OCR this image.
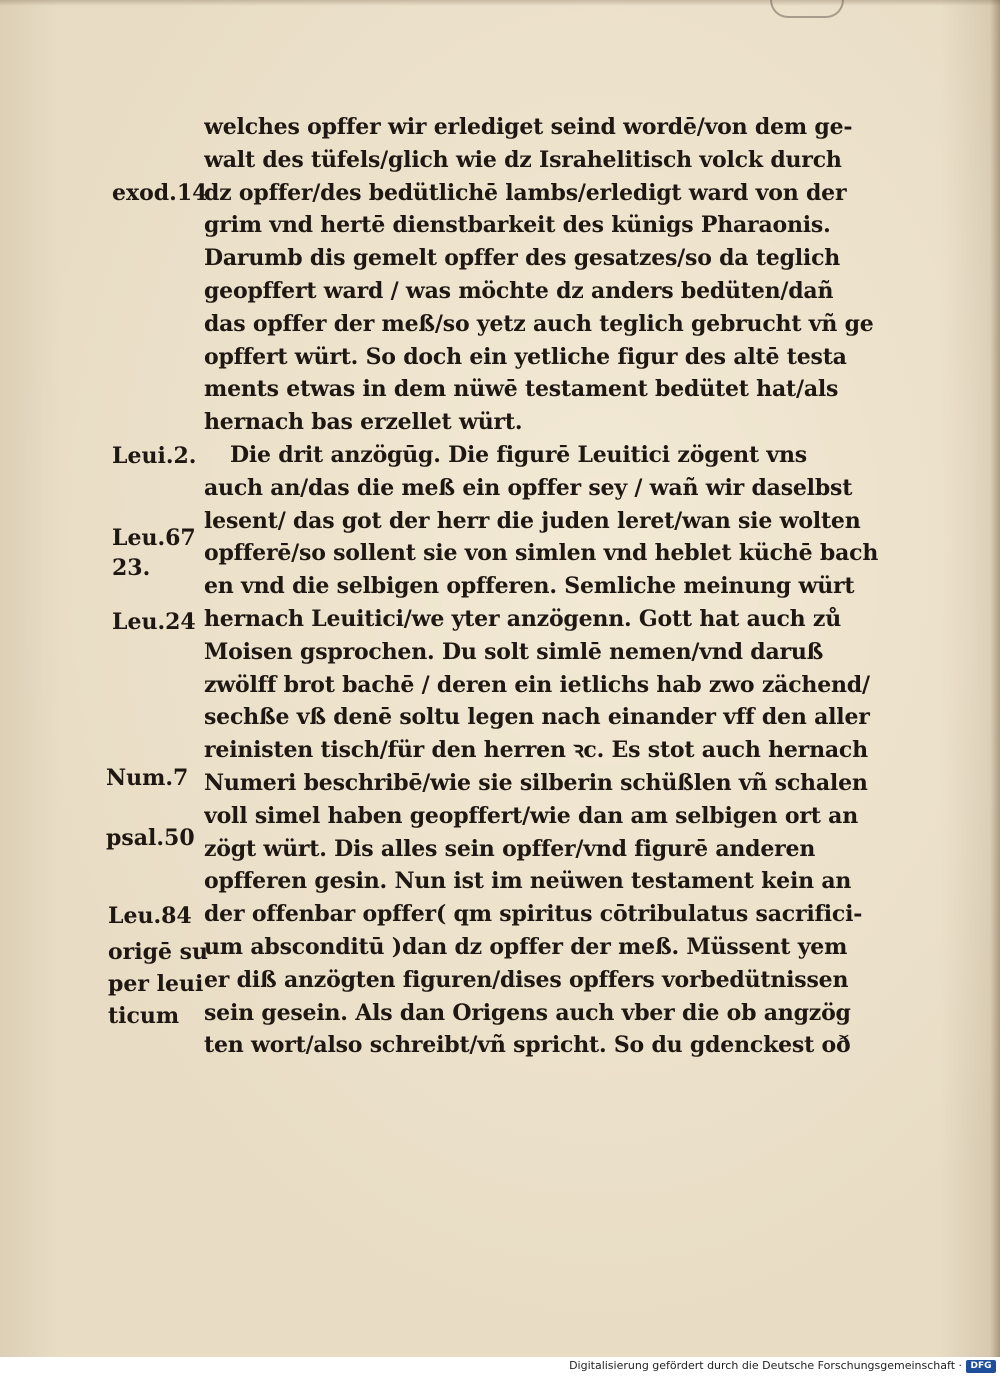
welches opffer wir erlediget seind wordē/von dem ge‑
walt des tüfels/glich wie dz Israhelitisch volck durch
dz opffer/des bedütlichē lambs/erledigt ward von der
grim vnd hertē dienstbarkeit des künigs Pharaonis.
Darumb dis gemelt opffer des gesatzes/so da teglich
geopffert ward / was möchte dz anders bedüten/dañ
das opffer der meß/so yetz auch teglich gebrucht vñ ge
opffert würt. So doch ein yetliche figur des altē testa
ments etwas in dem nüwē testament bedütet hat/als
hernach bas erzellet würt.
Die drit anzögūg. Die figurē Leuitici zögent vns
auch an/das die meß ein opffer sey / wañ wir daselbst
lesent/ das got der herr die juden leret/wan sie wolten
opfferē/so sollent sie von simlen vnd heblet küchē bach
en vnd die selbigen opfferen. Semliche meinung würt
hernach Leuitici/we yter anzögenn. Gott hat auch zů
Moisen gsprochen. Du solt simlē nemen/vnd daruß
zwölff brot bachē / deren ein ietlichs hab zwo zächend/
sechße vß denē soltu legen nach einander vff den aller
reinisten tisch/für den herren ꝛc. Es stot auch hernach
Numeri beschribē/wie sie silberin schüßlen vñ schalen
voll simel haben geopffert/wie dan am selbigen ort an
zögt würt. Dis alles sein opffer/vnd figurē anderen
opfferen gesin. Nun ist im neüwen testament kein an
der offenbar opffer( qm spiritus cōtribulatus sacrifici‑
um absconditū )dan dz opffer der meß. Müssent yem
er diß anzögten figuren/dises opffers vorbedütnissen
sein gesein. Als dan Origens auch vber die ob angzög
ten wort/also schreibt/vñ spricht. So du gdenckest oð
exod.14
Leui.2.
Leu.67
23.
Leu.24
Num.7
psal.50
Leu.84
origē su
per leui
ticum
Digitalisierung gefördert durch die Deutsche Forschungsgemeinschaft · DFG
